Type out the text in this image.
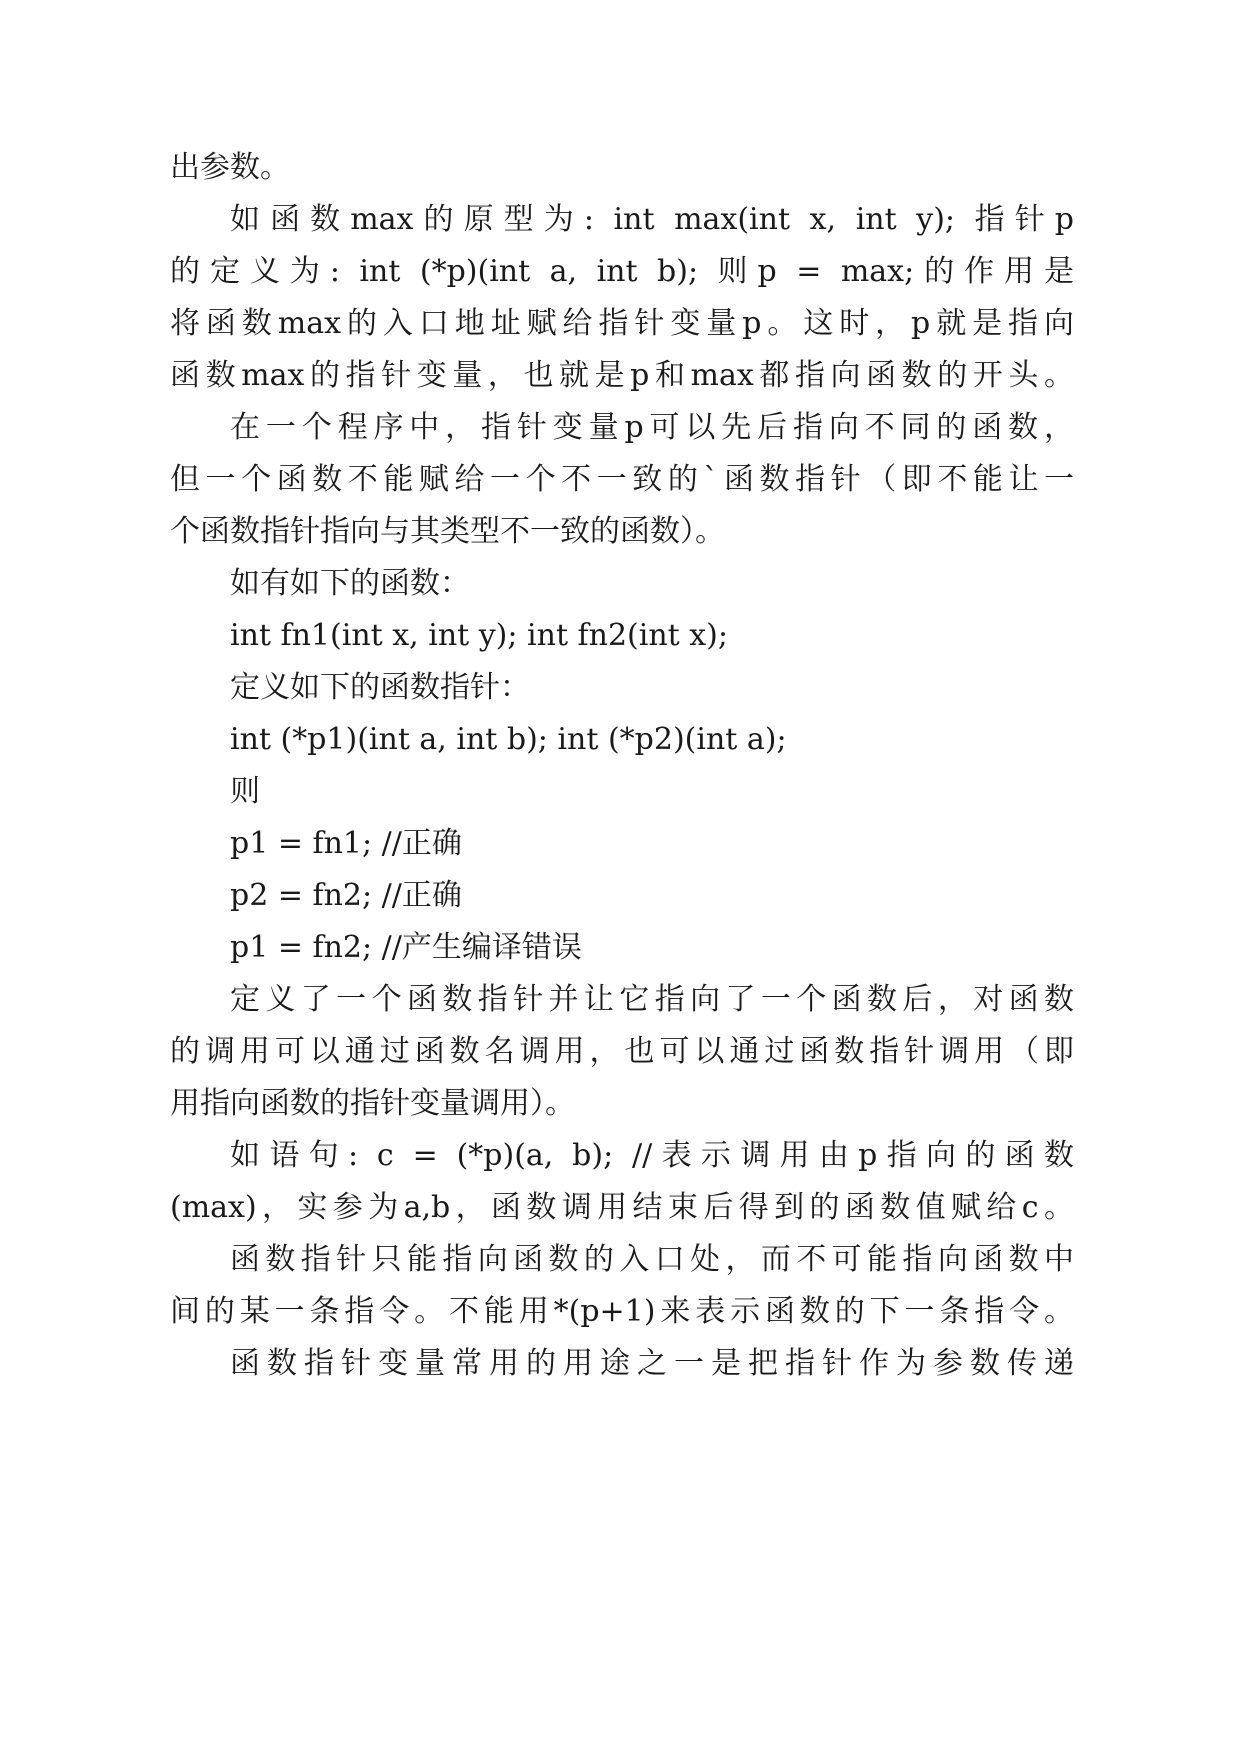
出参数。
如函数max的原型为: int max(int x, int y); 指针p
的定义为: int (*p)(int a, int b); 则p = max;的作用是
将函数max的入口地址赋给指针变量p。这时，p就是指向
函数max的指针变量，也就是p和max都指向函数的开头。
在一个程序中，指针变量p可以先后指向不同的函数，
但一个函数不能赋给一个不一致的`函数指针（即不能让一
个函数指针指向与其类型不一致的函数）。
如有如下的函数：
int fn1(int x, int y); int fn2(int x);
定义如下的函数指针：
int (*p1)(int a, int b); int (*p2)(int a);
则
p1 = fn1; //正确
p2 = fn2; //正确
p1 = fn2; //产生编译错误
定义了一个函数指针并让它指向了一个函数后，对函数
的调用可以通过函数名调用，也可以通过函数指针调用（即
用指向函数的指针变量调用）。
如语句: c = (*p)(a, b); //表示调用由p指向的函数
(max)，实参为a,b，函数调用结束后得到的函数值赋给c。
函数指针只能指向函数的入口处，而不可能指向函数中
间的某一条指令。不能用*(p+1)来表示函数的下一条指令。
函数指针变量常用的用途之一是把指针作为参数传递
